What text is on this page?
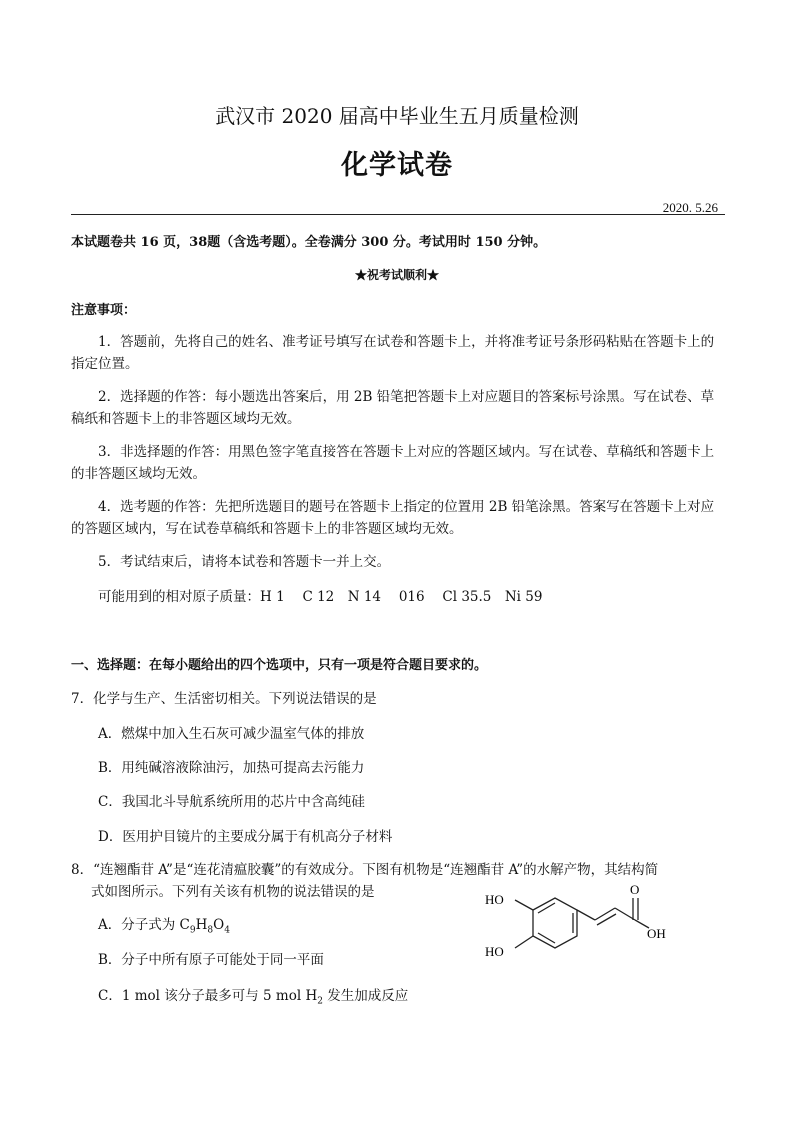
武汉市 2020 届高中毕业生五月质量检测
化学试卷
2020. 5.26
本试题卷共 16 页，38题（含选考题）。全卷满分 300 分。考试用时 150 分钟。
★祝考试顺利★
注意事项：
1．答题前，先将自己的姓名、准考证号填写在试卷和答题卡上，并将准考证号条形码粘贴在答题卡上的指定位置。
2．选择题的作答：每小题选出答案后，用 2B 铅笔把答题卡上对应题目的答案标号涂黑。写在试卷、草稿纸和答题卡上的非答题区域均无效。
3．非选择题的作答：用黑色签字笔直接答在答题卡上对应的答题区域内。写在试卷、草稿纸和答题卡上的非答题区域均无效。
4．选考题的作答：先把所选题目的题号在答题卡上指定的位置用 2B 铅笔涂黑。答案写在答题卡上对应的答题区域内，写在试卷草稿纸和答题卡上的非答题区域均无效。
5．考试结束后，请将本试卷和答题卡一并上交。
可能用到的相对原子质量：H 1　 C 12　N 14　 016　 Cl 35.5　Ni 59
一、选择题：在每小题给出的四个选项中，只有一项是符合题目要求的。
7．化学与生产、生活密切相关。下列说法错误的是
A．燃煤中加入生石灰可减少温室气体的排放
B．用纯碱溶液除油污，加热可提高去污能力
C．我国北斗导航系统所用的芯片中含高纯硅
D．医用护目镜片的主要成分属于有机高分子材料
8．“连翘酯苷 A”是“连花清瘟胶囊”的有效成分。下图有机物是“连翘酯苷 A”的水解产物，其结构简
式如图所示。下列有关该有机物的说法错误的是
A．分子式为 $C_9H_8O_4$
B．分子中所有原子可能处于同一平面
C．1 mol 该分子最多可与 5 mol $H_2$ 发生加成反应
HO
HO
O
OH
